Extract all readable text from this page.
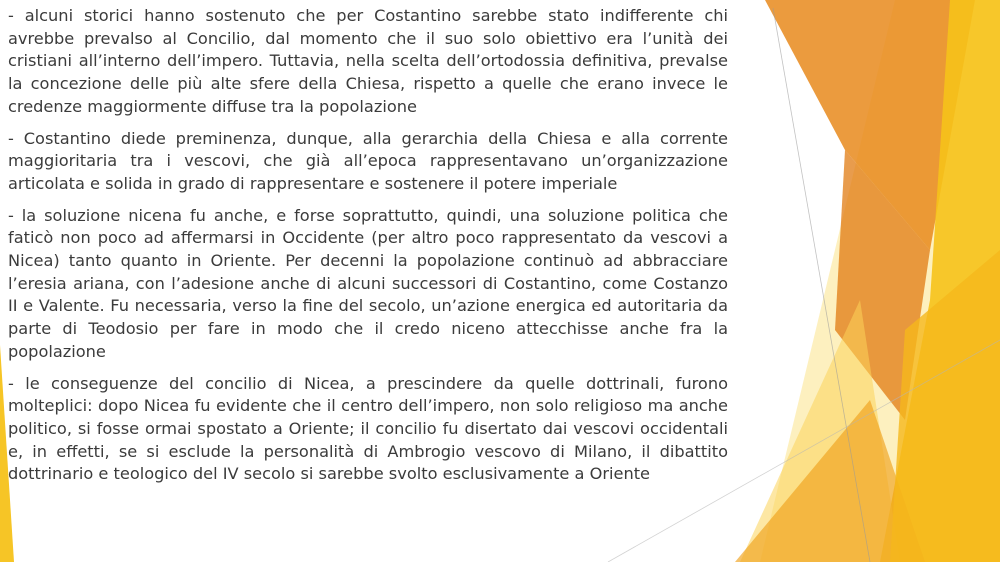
- alcuni storici hanno sostenuto che per Costantino sarebbe stato indifferente chi avrebbe prevalso al Concilio, dal momento che il suo solo obiettivo era l’unità dei cristiani all’interno dell’impero. Tuttavia, nella scelta dell’ortodossia definitiva, prevalse la concezione delle più alte sfere della Chiesa, rispetto a quelle che erano invece le credenze maggiormente diffuse tra la popolazione

- Costantino diede preminenza, dunque, alla gerarchia della Chiesa e alla corrente maggioritaria tra i vescovi, che già all’epoca rappresentavano un’organizzazione articolata e solida in grado di rappresentare e sostenere il potere imperiale

- la soluzione nicena fu anche, e forse soprattutto, quindi, una soluzione politica che faticò non poco ad affermarsi in Occidente (per altro poco rappresentato da vescovi a Nicea) tanto quanto in Oriente. Per decenni la popolazione continuò ad abbracciare l’eresia ariana, con l’adesione anche di alcuni successori di Costantino, come Costanzo II e Valente. Fu necessaria, verso la fine del secolo, un’azione energica ed autoritaria da parte di Teodosio per fare in modo che il credo niceno attecchisse anche fra la popolazione

- le conseguenze del concilio di Nicea, a prescindere da quelle dottrinali, furono molteplici: dopo Nicea fu evidente che il centro dell’impero, non solo religioso ma anche politico, si fosse ormai spostato a Oriente; il concilio fu disertato dai vescovi occidentali e, in effetti, se si esclude la personalità di Ambrogio vescovo di Milano, il dibattito dottrinario e teologico del IV secolo si sarebbe svolto esclusivamente a Oriente
